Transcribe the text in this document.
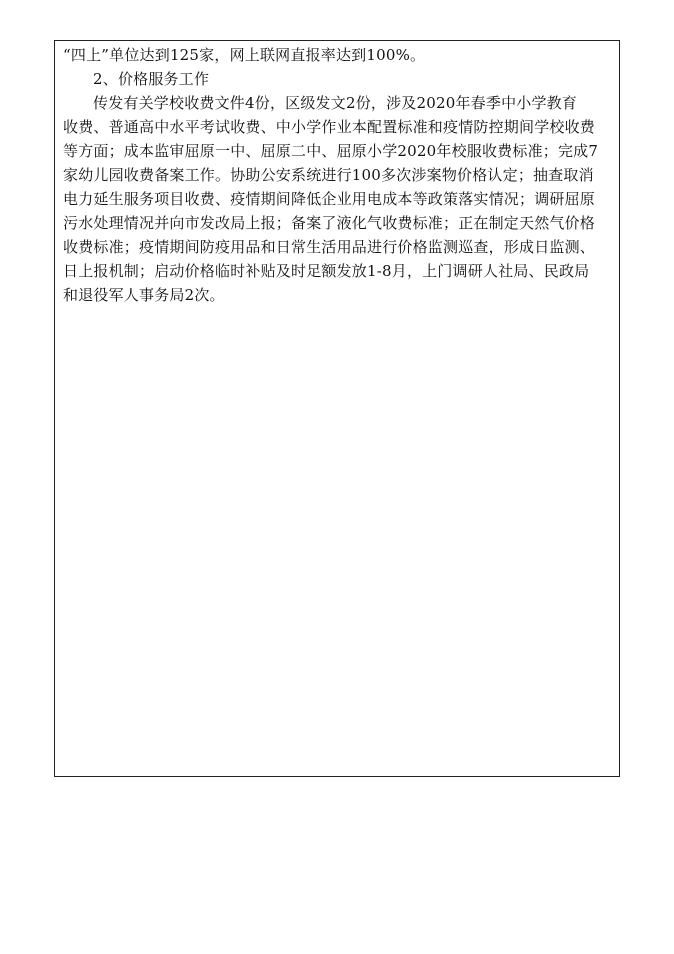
“四上”单位达到125家，网上联网直报率达到100%。
2、价格服务工作
传发有关学校收费文件4份，区级发文2份，涉及2020年春季中小学教育
收费、普通高中水平考试收费、中小学作业本配置标准和疫情防控期间学校收费
等方面；成本监审屈原一中、屈原二中、屈原小学2020年校服收费标准；完成7
家幼儿园收费备案工作。协助公安系统进行100多次涉案物价格认定；抽查取消
电力延生服务项目收费、疫情期间降低企业用电成本等政策落实情况；调研屈原
污水处理情况并向市发改局上报；备案了液化气收费标准；正在制定天然气价格
收费标准；疫情期间防疫用品和日常生活用品进行价格监测巡查，形成日监测、
日上报机制；启动价格临时补贴及时足额发放1-8月，上门调研人社局、民政局
和退役军人事务局2次。
